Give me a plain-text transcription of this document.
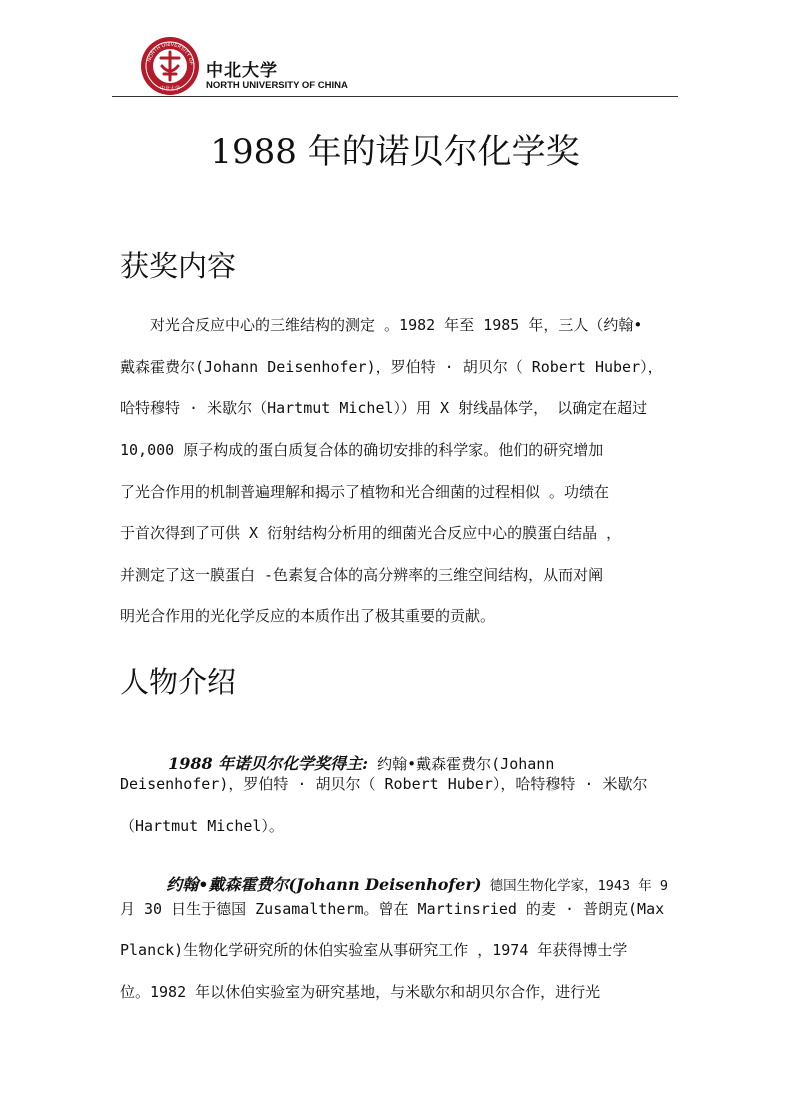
NORTH UNIVERSITY OF
中北大学
中北大学
NORTH UNIVERSITY OF CHINA
1988 年的诺贝尔化学奖
获奖内容
　　对光合反应中心的三维结构的测定 。1982 年至 1985 年，三人（约翰•
戴森霍费尔(Johann Deisenhofer)，罗伯特 · 胡贝尔（ Robert Huber），
哈特穆特 · 米歇尔（Hartmut Michel））用 X 射线晶体学， 以确定在超过
10,000 原子构成的蛋白质复合体的确切安排的科学家。他们的研究增加
了光合作用的机制普遍理解和揭示了植物和光合细菌的过程相似 。功绩在
于首次得到了可供 X 衍射结构分析用的细菌光合反应中心的膜蛋白结晶 ，
并测定了这一膜蛋白 -色素复合体的高分辨率的三维空间结构，从而对阐
明光合作用的光化学反应的本质作出了极其重要的贡献。
人物介绍

1988 年诺贝尔化学奖得主: 约翰•戴森霍费尔(Johann

Deisenhofer)，罗伯特 · 胡贝尔（ Robert Huber），哈特穆特 · 米歇尔
（Hartmut Michel）。

约翰•戴森霍费尔(Johann Deisenhofer) 德国生物化学家，1943 年 9

月 30 日生于德国 Zusamaltherm。曾在 Martinsried 的麦 · 普朗克(Max
Planck)生物化学研究所的休伯实验室从事研究工作 ，1974 年获得博士学
位。1982 年以休伯实验室为研究基地，与米歇尔和胡贝尔合作，进行光
